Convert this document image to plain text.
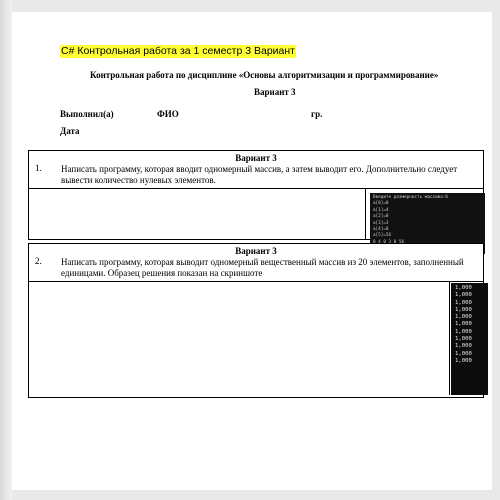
C# Контрольная работа за 1 семестр 3 Вариант
Контрольная работа по дисциплине «Основы алгоритмизации и программирование»
Вариант 3
Выполнил(а)	ФИО	гр.
Дата
Вариант 3
1. Написать программу, которая вводит одномерный массив, а затем выводит его. Дополнительно следует вывести количество нулевых элементов.
Введите размерность массива:6
a[0]=0
a[1]=4
a[2]=0
a[3]=3
a[4]=0
a[5]=56
Вариант 3
2. Написать программу, которая выводит одномерный вещественный массив из 20 элементов, заполненный единицами. Образец решения показан на скриншоте
1,000
1,000
1,000
1,000
1,000
1,000
1,000
1,000
1,000
1,000
1,000
